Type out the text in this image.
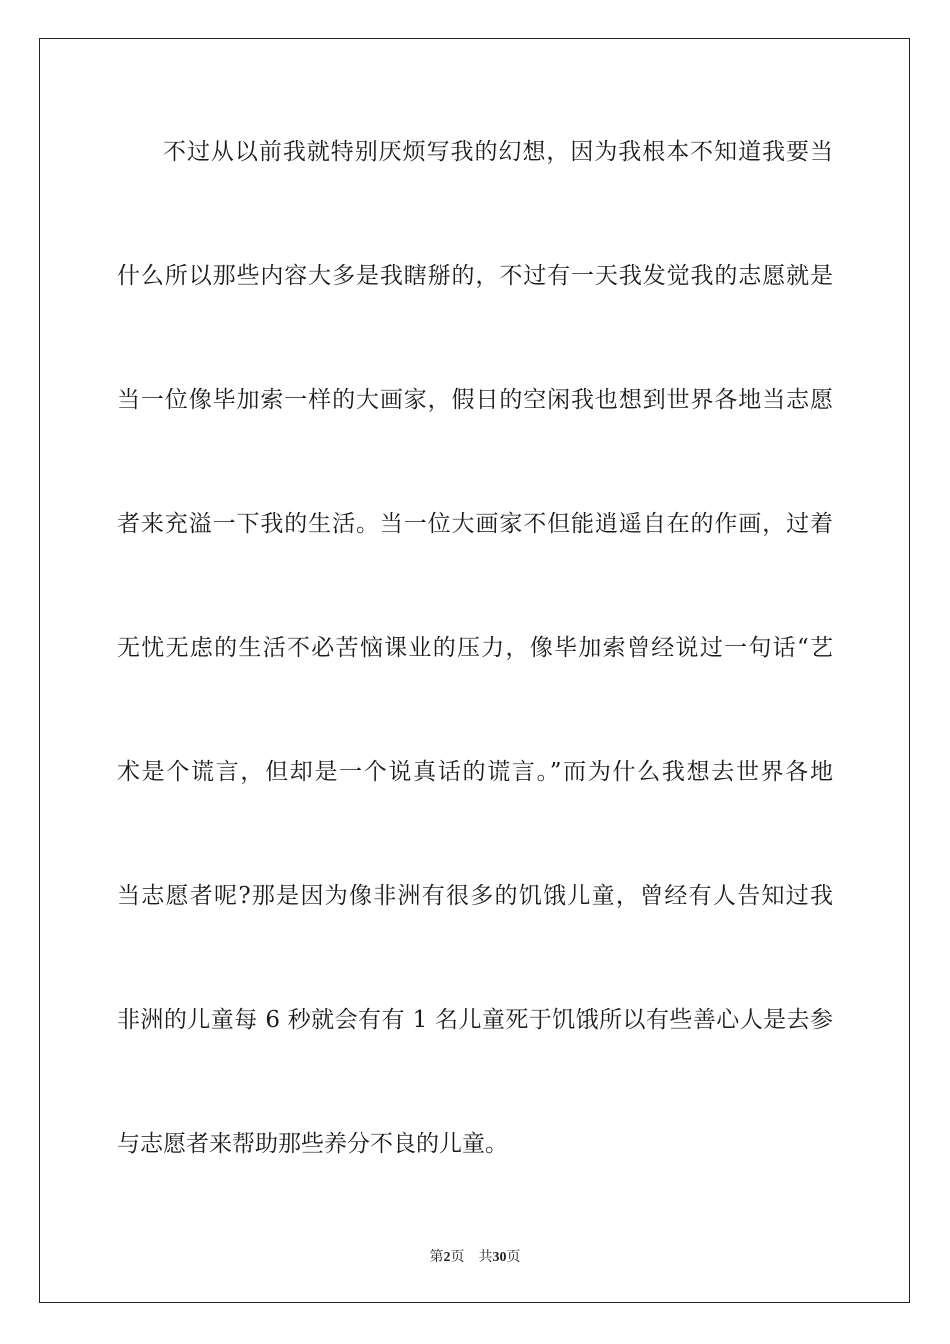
不过从以前我就特别厌烦写我的幻想，因为我根本不知道我要当
什么所以那些内容大多是我瞎掰的，不过有一天我发觉我的志愿就是
当一位像毕加索一样的大画家，假日的空闲我也想到世界各地当志愿
者来充溢一下我的生活。当一位大画家不但能逍遥自在的作画，过着
无忧无虑的生活不必苦恼课业的压力，像毕加索曾经说过一句话“艺
术是个谎言，但却是一个说真话的谎言。”而为什么我想去世界各地
当志愿者呢?那是因为像非洲有很多的饥饿儿童，曾经有人告知过我
非洲的儿童每 6 秒就会有有 1 名儿童死于饥饿所以有些善心人是去参
与志愿者来帮助那些养分不良的儿童。
第2页 共30页
